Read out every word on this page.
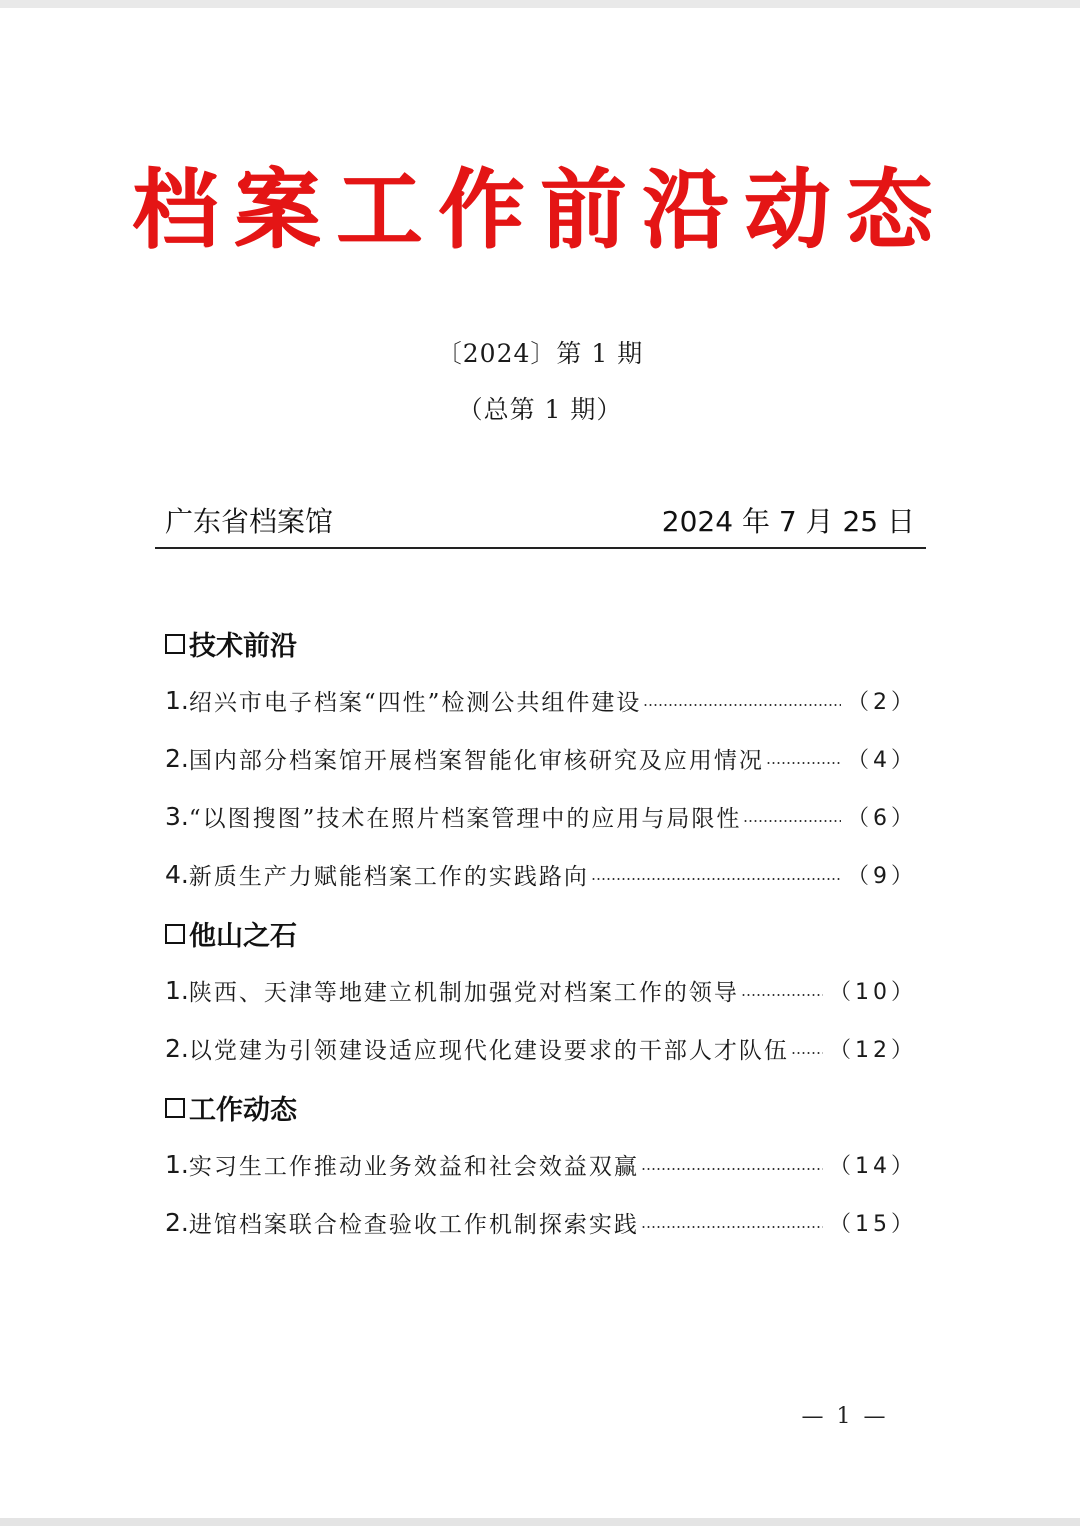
档案工作前沿动态
〔2024〕第 1 期
（总第 1 期）
广东省档案馆	2024 年 7 月 25 日
技术前沿
1. 绍兴市电子档案“四性”检测公共组件建设	（2）
2. 国内部分档案馆开展档案智能化审核研究及应用情况	（4）
3. “以图搜图”技术在照片档案管理中的应用与局限性	（6）
4. 新质生产力赋能档案工作的实践路向	（9）
他山之石
1. 陕西、天津等地建立机制加强党对档案工作的领导	（10）
2. 以党建为引领建设适应现代化建设要求的干部人才队伍 （12）
工作动态
1. 实习生工作推动业务效益和社会效益双赢	（14）
2. 进馆档案联合检查验收工作机制探索实践	（15）
— 1 —
